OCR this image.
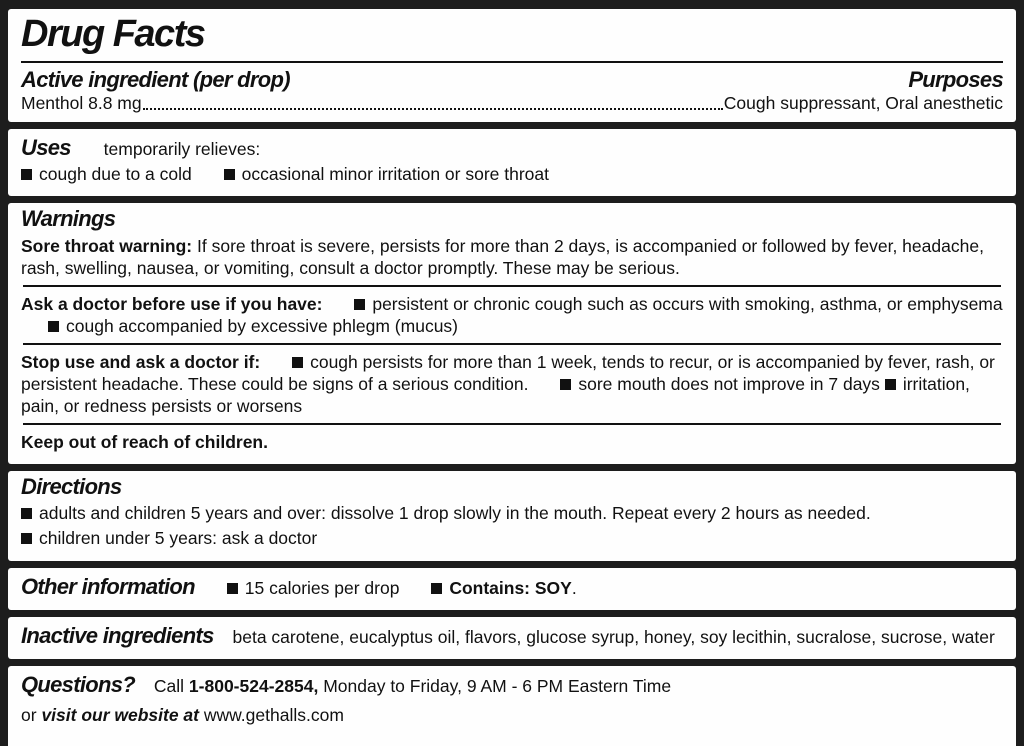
Drug Facts
Active ingredient (per drop)	Purposes
Menthol 8.8 mg	Cough suppressant, Oral anesthetic
Uses temporarily relieves:

cough due to a cold	occasional minor irritation or sore throat

Warnings

Sore throat warning: If sore throat is severe, persists for more than 2 days, is accompanied or followed by fever, headache, rash, swelling, nausea, or vomiting, consult a doctor promptly. These may be serious.

Ask a doctor before use if you have:	persistent or chronic cough such as occurs with smoking, asthma, or emphysema cough accompanied by excessive phlegm (mucus)

Stop use and ask a doctor if:	cough persists for more than 1 week, tends to recur, or is accompanied by fever, rash, or persistent headache. These could be signs of a serious condition.	sore mouth does not improve in 7 days irritation, pain, or redness persists or worsens

Keep out of reach of children.

Directions

adults and children 5 years and over: dissolve 1 drop slowly in the mouth. Repeat every 2 hours as needed.

children under 5 years: ask a doctor

Other information	15 calories per drop	Contains: SOY.
Inactive ingredients beta carotene, eucalyptus oil, flavors, glucose syrup, honey, soy lecithin, sucralose, sucrose, water
Questions? Call 1-800-524-2854, Monday to Friday, 9 AM - 6 PM Eastern Time
or visit our website at www.gethalls.com
